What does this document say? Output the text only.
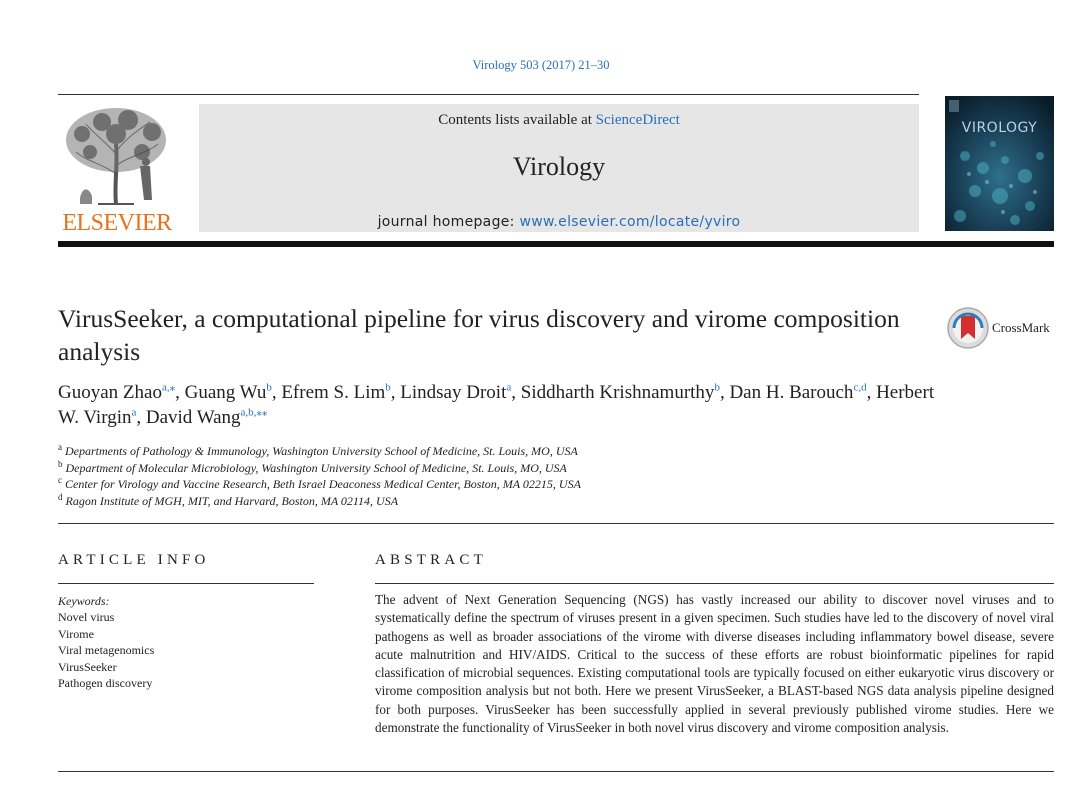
Virology 503 (2017) 21–30
ELSEVIER
Contents lists available at ScienceDirect
Virology
journal homepage: www.elsevier.com/locate/yviro
VIROLOGY
VirusSeeker, a computational pipeline for virus discovery and virome composition analysis
CrossMark
Guoyan Zhao$^{a,⁎}$, Guang Wu$^b$, Efrem S. Lim$^b$, Lindsay Droit$^a$, Siddharth Krishnamurthy$^b$, Dan H. Barouch$^{c,d}$, Herbert W. Virgin$^a$, David Wang$^{a,b,⁎⁎}$
$^a$ Departments of Pathology & Immunology, Washington University School of Medicine, St. Louis, MO, USA
$^b$ Department of Molecular Microbiology, Washington University School of Medicine, St. Louis, MO, USA
$^c$ Center for Virology and Vaccine Research, Beth Israel Deaconess Medical Center, Boston, MA 02215, USA
$^d$ Ragon Institute of MGH, MIT, and Harvard, Boston, MA 02114, USA
ARTICLE INFO	ABSTRACT
Keywords:
Novel virus
Virome
Viral metagenomics
VirusSeeker
Pathogen discovery
The advent of Next Generation Sequencing (NGS) has vastly increased our ability to discover novel viruses and to systematically define the spectrum of viruses present in a given specimen. Such studies have led to the discovery of novel viral pathogens as well as broader associations of the virome with diverse diseases including inflammatory bowel disease, severe acute malnutrition and HIV/AIDS. Critical to the success of these efforts are robust bioinformatic pipelines for rapid classification of microbial sequences. Existing computational tools are typically focused on either eukaryotic virus discovery or virome composition analysis but not both. Here we present VirusSeeker, a BLAST-based NGS data analysis pipeline designed for both purposes. VirusSeeker has been successfully applied in several previously published virome studies. Here we demonstrate the functionality of VirusSeeker in both novel virus discovery and virome composition analysis.
